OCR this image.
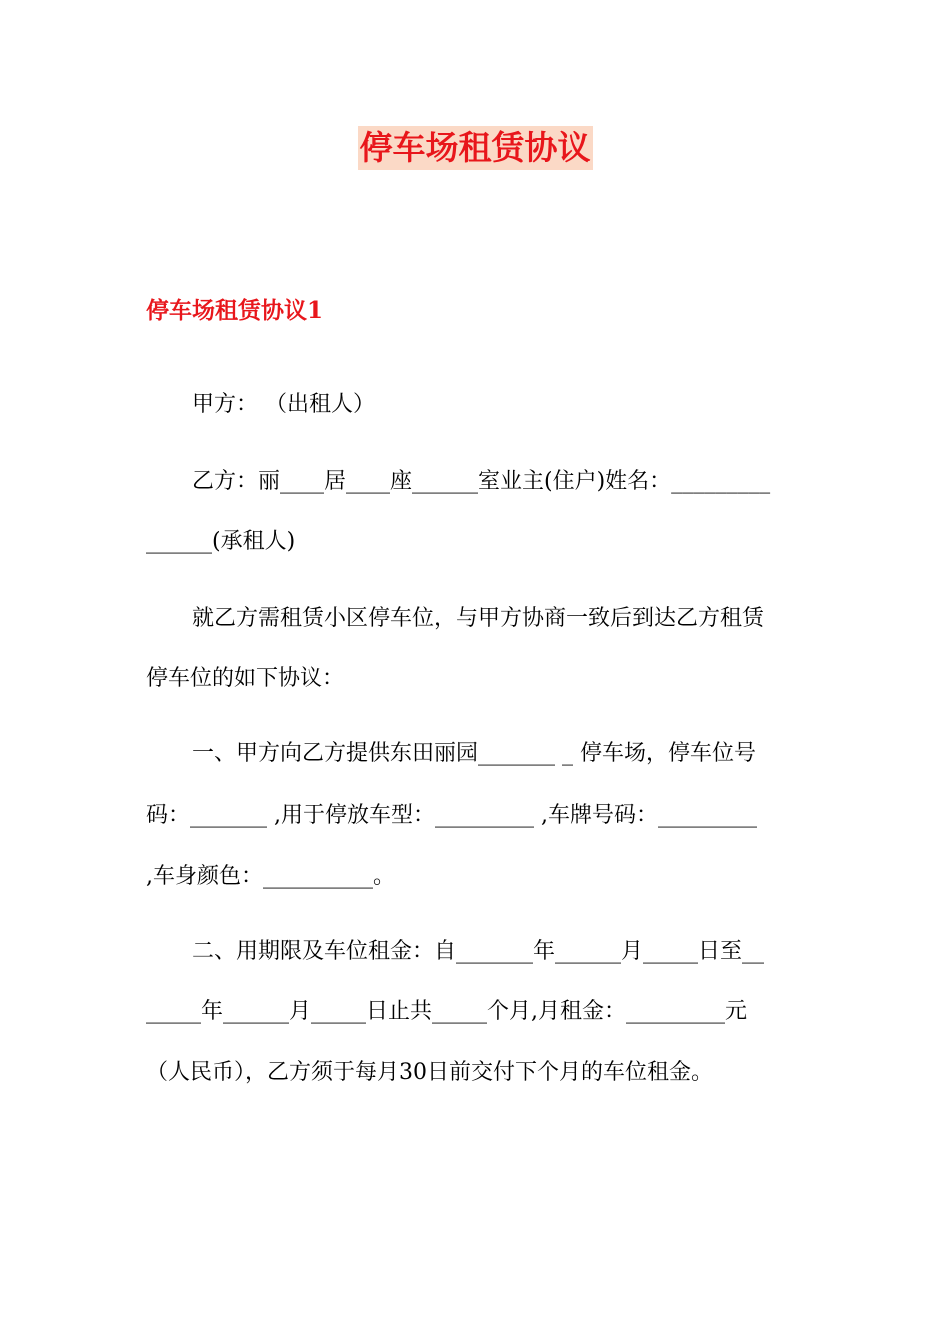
停车场租赁协议
停车场租赁协议1
甲方： （出租人）
乙方：丽____居____座______室业主(住户)姓名：_________
______(承租人)
就乙方需租赁小区停车位，与甲方协商一致后到达乙方租赁
停车位的如下协议：
一、甲方向乙方提供东田丽园_______ _ 停车场，停车位号
码：_______ ,用于停放车型：_________ ,车牌号码：_________
,车身颜色：__________。
二、用期限及车位租金：自_______年______月_____日至__
_____年______月_____日止共_____个月,月租金：_________元
（人民币），乙方须于每月30日前交付下个月的车位租金。
